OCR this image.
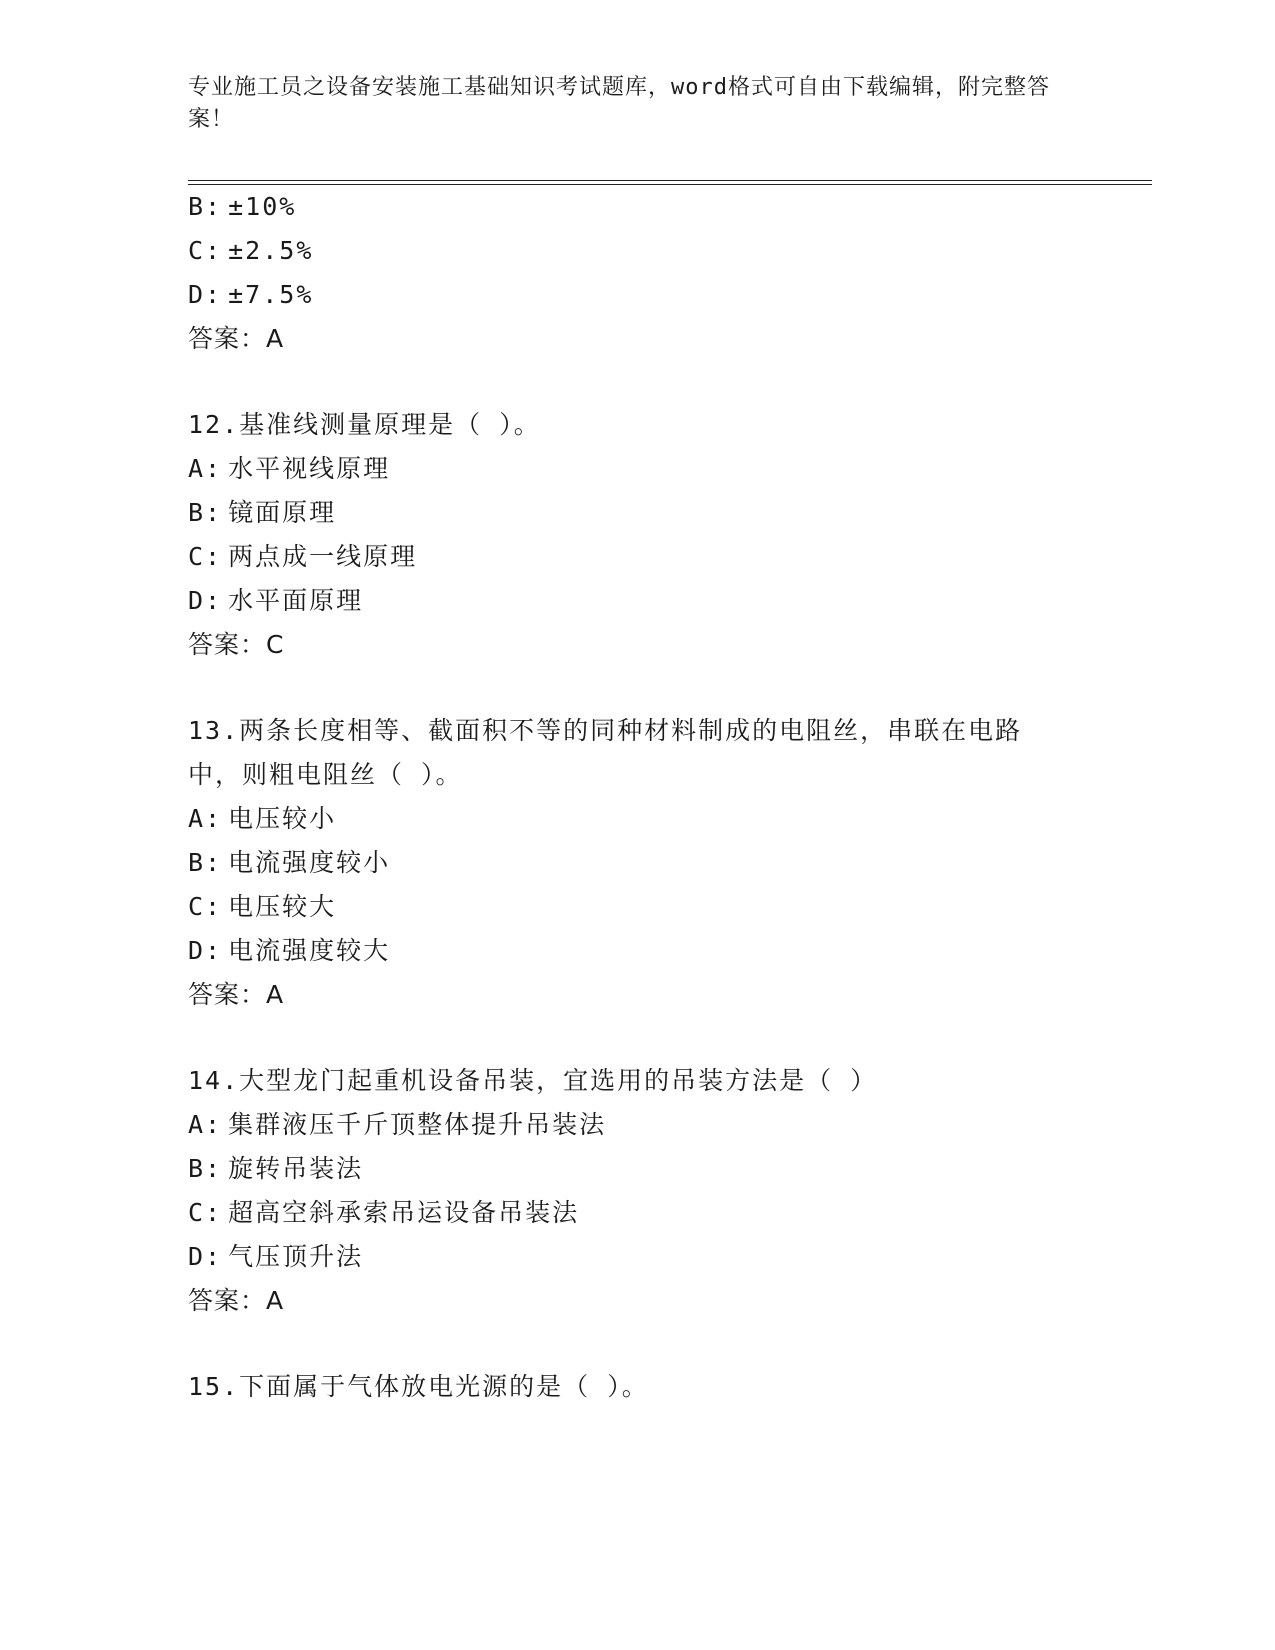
专业施工员之设备安装施工基础知识考试题库，word格式可自由下载编辑，附完整答案！
B: ±10%
C: ±2.5%
D: ±7.5%
答案：A
12.基准线测量原理是（ ）。
A: 水平视线原理
B: 镜面原理
C: 两点成一线原理
D: 水平面原理
答案：C
13.两条长度相等、截面积不等的同种材料制成的电阻丝，串联在电路
中，则粗电阻丝（ ）。
A: 电压较小
B: 电流强度较小
C: 电压较大
D: 电流强度较大
答案：A
14.大型龙门起重机设备吊装，宜选用的吊装方法是（ ）
A: 集群液压千斤顶整体提升吊装法
B: 旋转吊装法
C: 超高空斜承索吊运设备吊装法
D: 气压顶升法
答案：A
15.下面属于气体放电光源的是（ ）。
